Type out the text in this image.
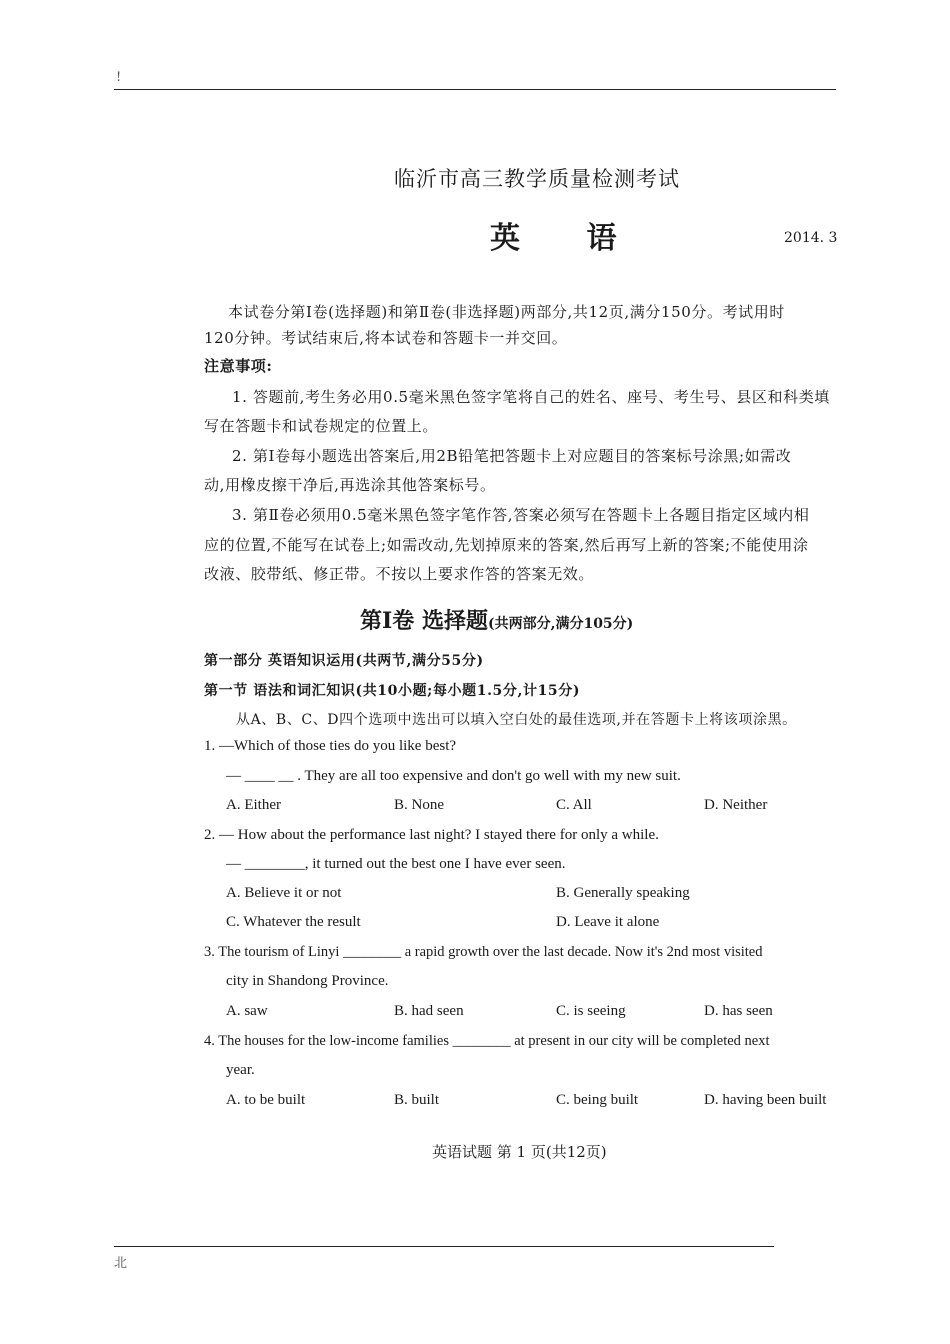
!
临沂市高三教学质量检测考试
英 语	2014. 3
本试卷分第Ⅰ卷(选择题)和第Ⅱ卷(非选择题)两部分,共12页,满分150分。考试用时
120分钟。考试结束后,将本试卷和答题卡一并交回。
注意事项:
1. 答题前,考生务必用0.5毫米黑色签字笔将自己的姓名、座号、考生号、县区和科类填
写在答题卡和试卷规定的位置上。
2. 第Ⅰ卷每小题选出答案后,用2B铅笔把答题卡上对应题目的答案标号涂黑;如需改
动,用橡皮擦干净后,再选涂其他答案标号。
3. 第Ⅱ卷必须用0.5毫米黑色签字笔作答,答案必须写在答题卡上各题目指定区域内相
应的位置,不能写在试卷上;如需改动,先划掉原来的答案,然后再写上新的答案;不能使用涂
改液、胶带纸、修正带。不按以上要求作答的答案无效。
第Ⅰ卷 选择题(共两部分,满分105分)
第一部分 英语知识运用(共两节,满分55分)
第一节 语法和词汇知识(共10小题;每小题1.5分,计15分)
从A、B、C、D四个选项中选出可以填入空白处的最佳选项,并在答题卡上将该项涂黑。
1. —Which of those ties do you like best?
— ____ __ . They are all too expensive and don't go well with my new suit.
A. Either	B. None	C. All	D. Neither
2. — How about the performance last night? I stayed there for only a while.
— ________, it turned out the best one I have ever seen.
A. Believe it or not	B. Generally speaking
C. Whatever the result	D. Leave it alone
3. The tourism of Linyi ________ a rapid growth over the last decade. Now it's 2nd most visited
city in Shandong Province.
A. saw	B. had seen	C. is seeing	D. has seen
4. The houses for the low-income families ________ at present in our city will be completed next
year.
A. to be built	B. built	C. being built	D. having been built
英语试题 第 1 页(共12页)
北
